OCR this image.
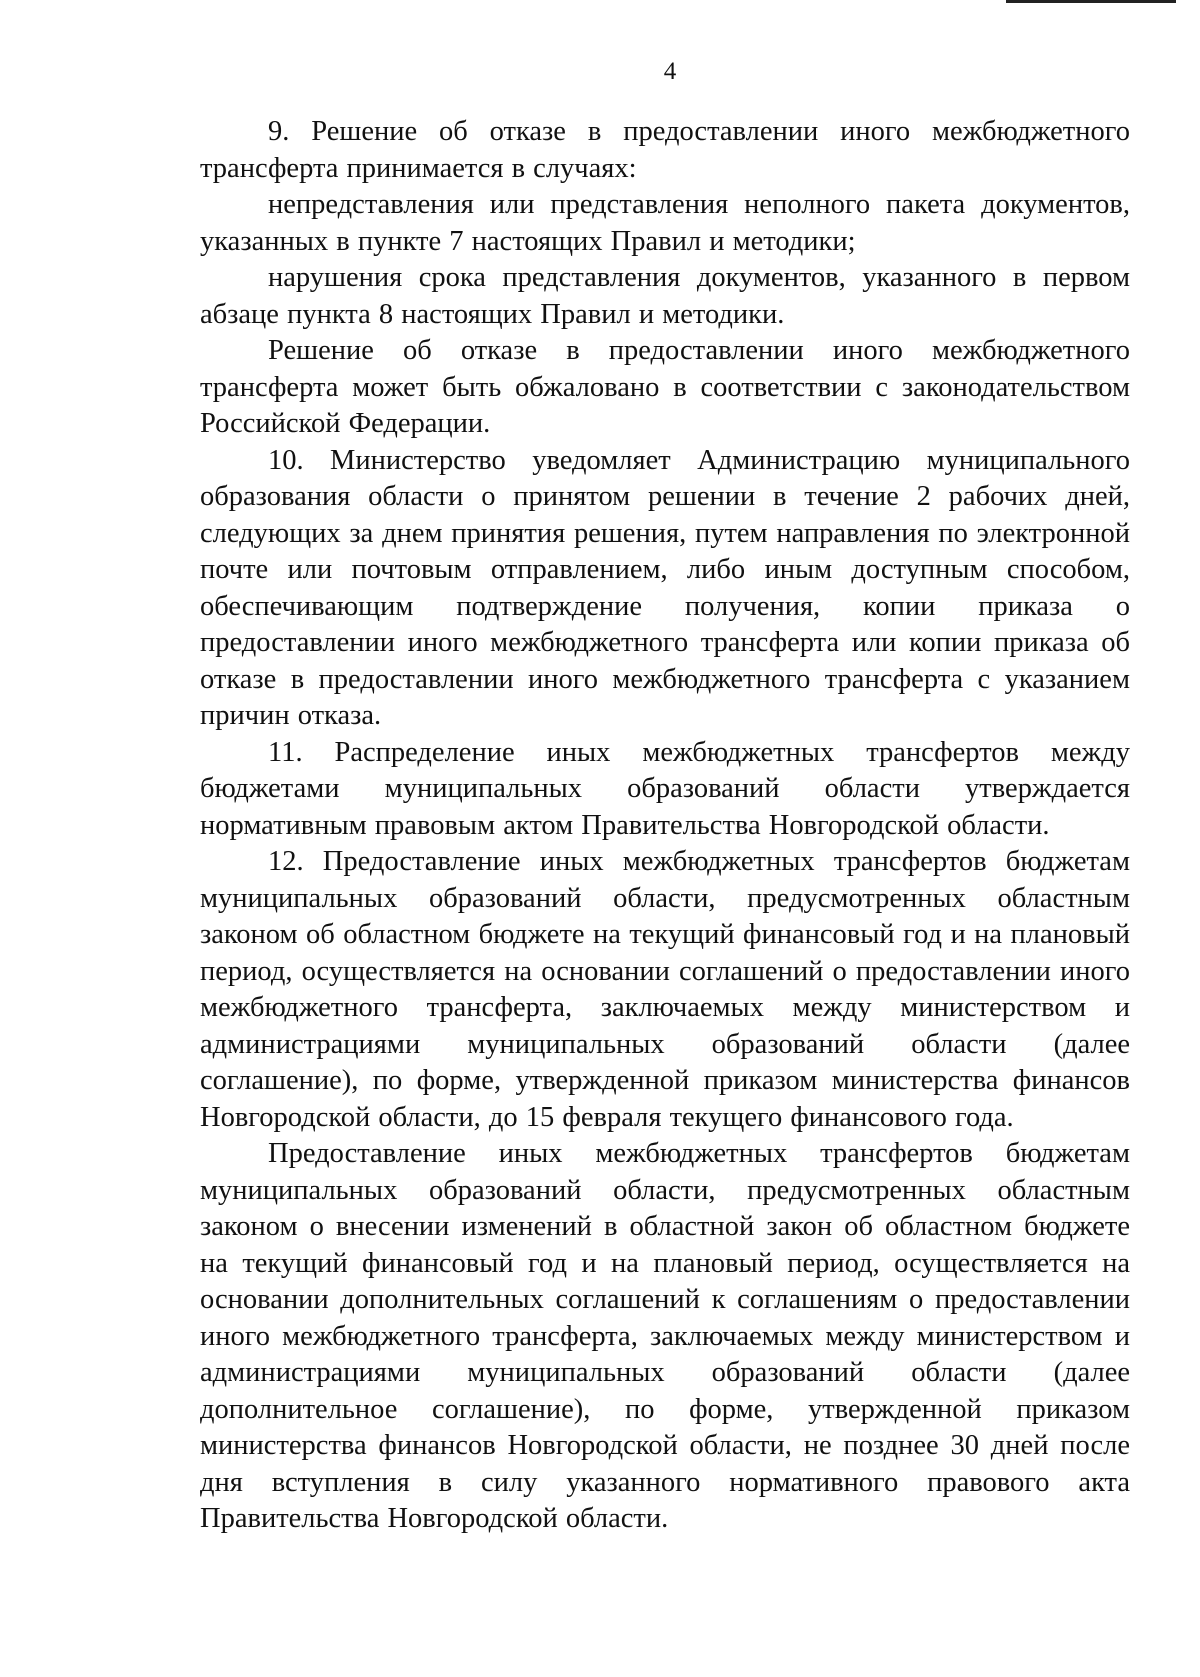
4

9. Решение об отказе в предоставлении иного межбюджетного трансферта принимается в случаях:

непредставления или представления неполного пакета документов, указанных в пункте 7 настоящих Правил и методики;

нарушения срока представления документов, указанного в первом абзаце пункта 8 настоящих Правил и методики.

Решение об отказе в предоставлении иного межбюджетного трансферта может быть обжаловано в соответствии с законодательством Российской Федерации.

10. Министерство уведомляет Администрацию муниципального образования области о принятом решении в течение 2 рабочих дней, следующих за днем принятия решения, путем направления по электронной почте или почтовым отправлением, либо иным доступным способом, обеспечивающим подтверждение получения, копии приказа о предоставлении иного межбюджетного трансферта или копии приказа об отказе в предоставлении иного межбюджетного трансферта с указанием причин отказа.

11. Распределение иных межбюджетных трансфертов между бюджетами муниципальных образований области утверждается нормативным правовым актом Правительства Новгородской области.

12. Предоставление иных межбюджетных трансфертов бюджетам муниципальных образований области, предусмотренных областным законом об областном бюджете на текущий финансовый год и на плановый период, осуществляется на основании соглашений о предоставлении иного межбюджетного трансферта, заключаемых между министерством и администрациями муниципальных образований области (далее соглашение), по форме, утвержденной приказом министерства финансов Новгородской области, до 15 февраля текущего финансового года.

Предоставление иных межбюджетных трансфертов бюджетам муниципальных образований области, предусмотренных областным законом о внесении изменений в областной закон об областном бюджете на текущий финансовый год и на плановый период, осуществляется на основании дополнительных соглашений к соглашениям о предоставлении иного межбюджетного трансферта, заключаемых между министерством и администрациями муниципальных образований области (далее дополнительное соглашение), по форме, утвержденной приказом министерства финансов Новгородской области, не позднее 30 дней после дня вступления в силу указанного нормативного правового акта Правительства Новгородской области.
